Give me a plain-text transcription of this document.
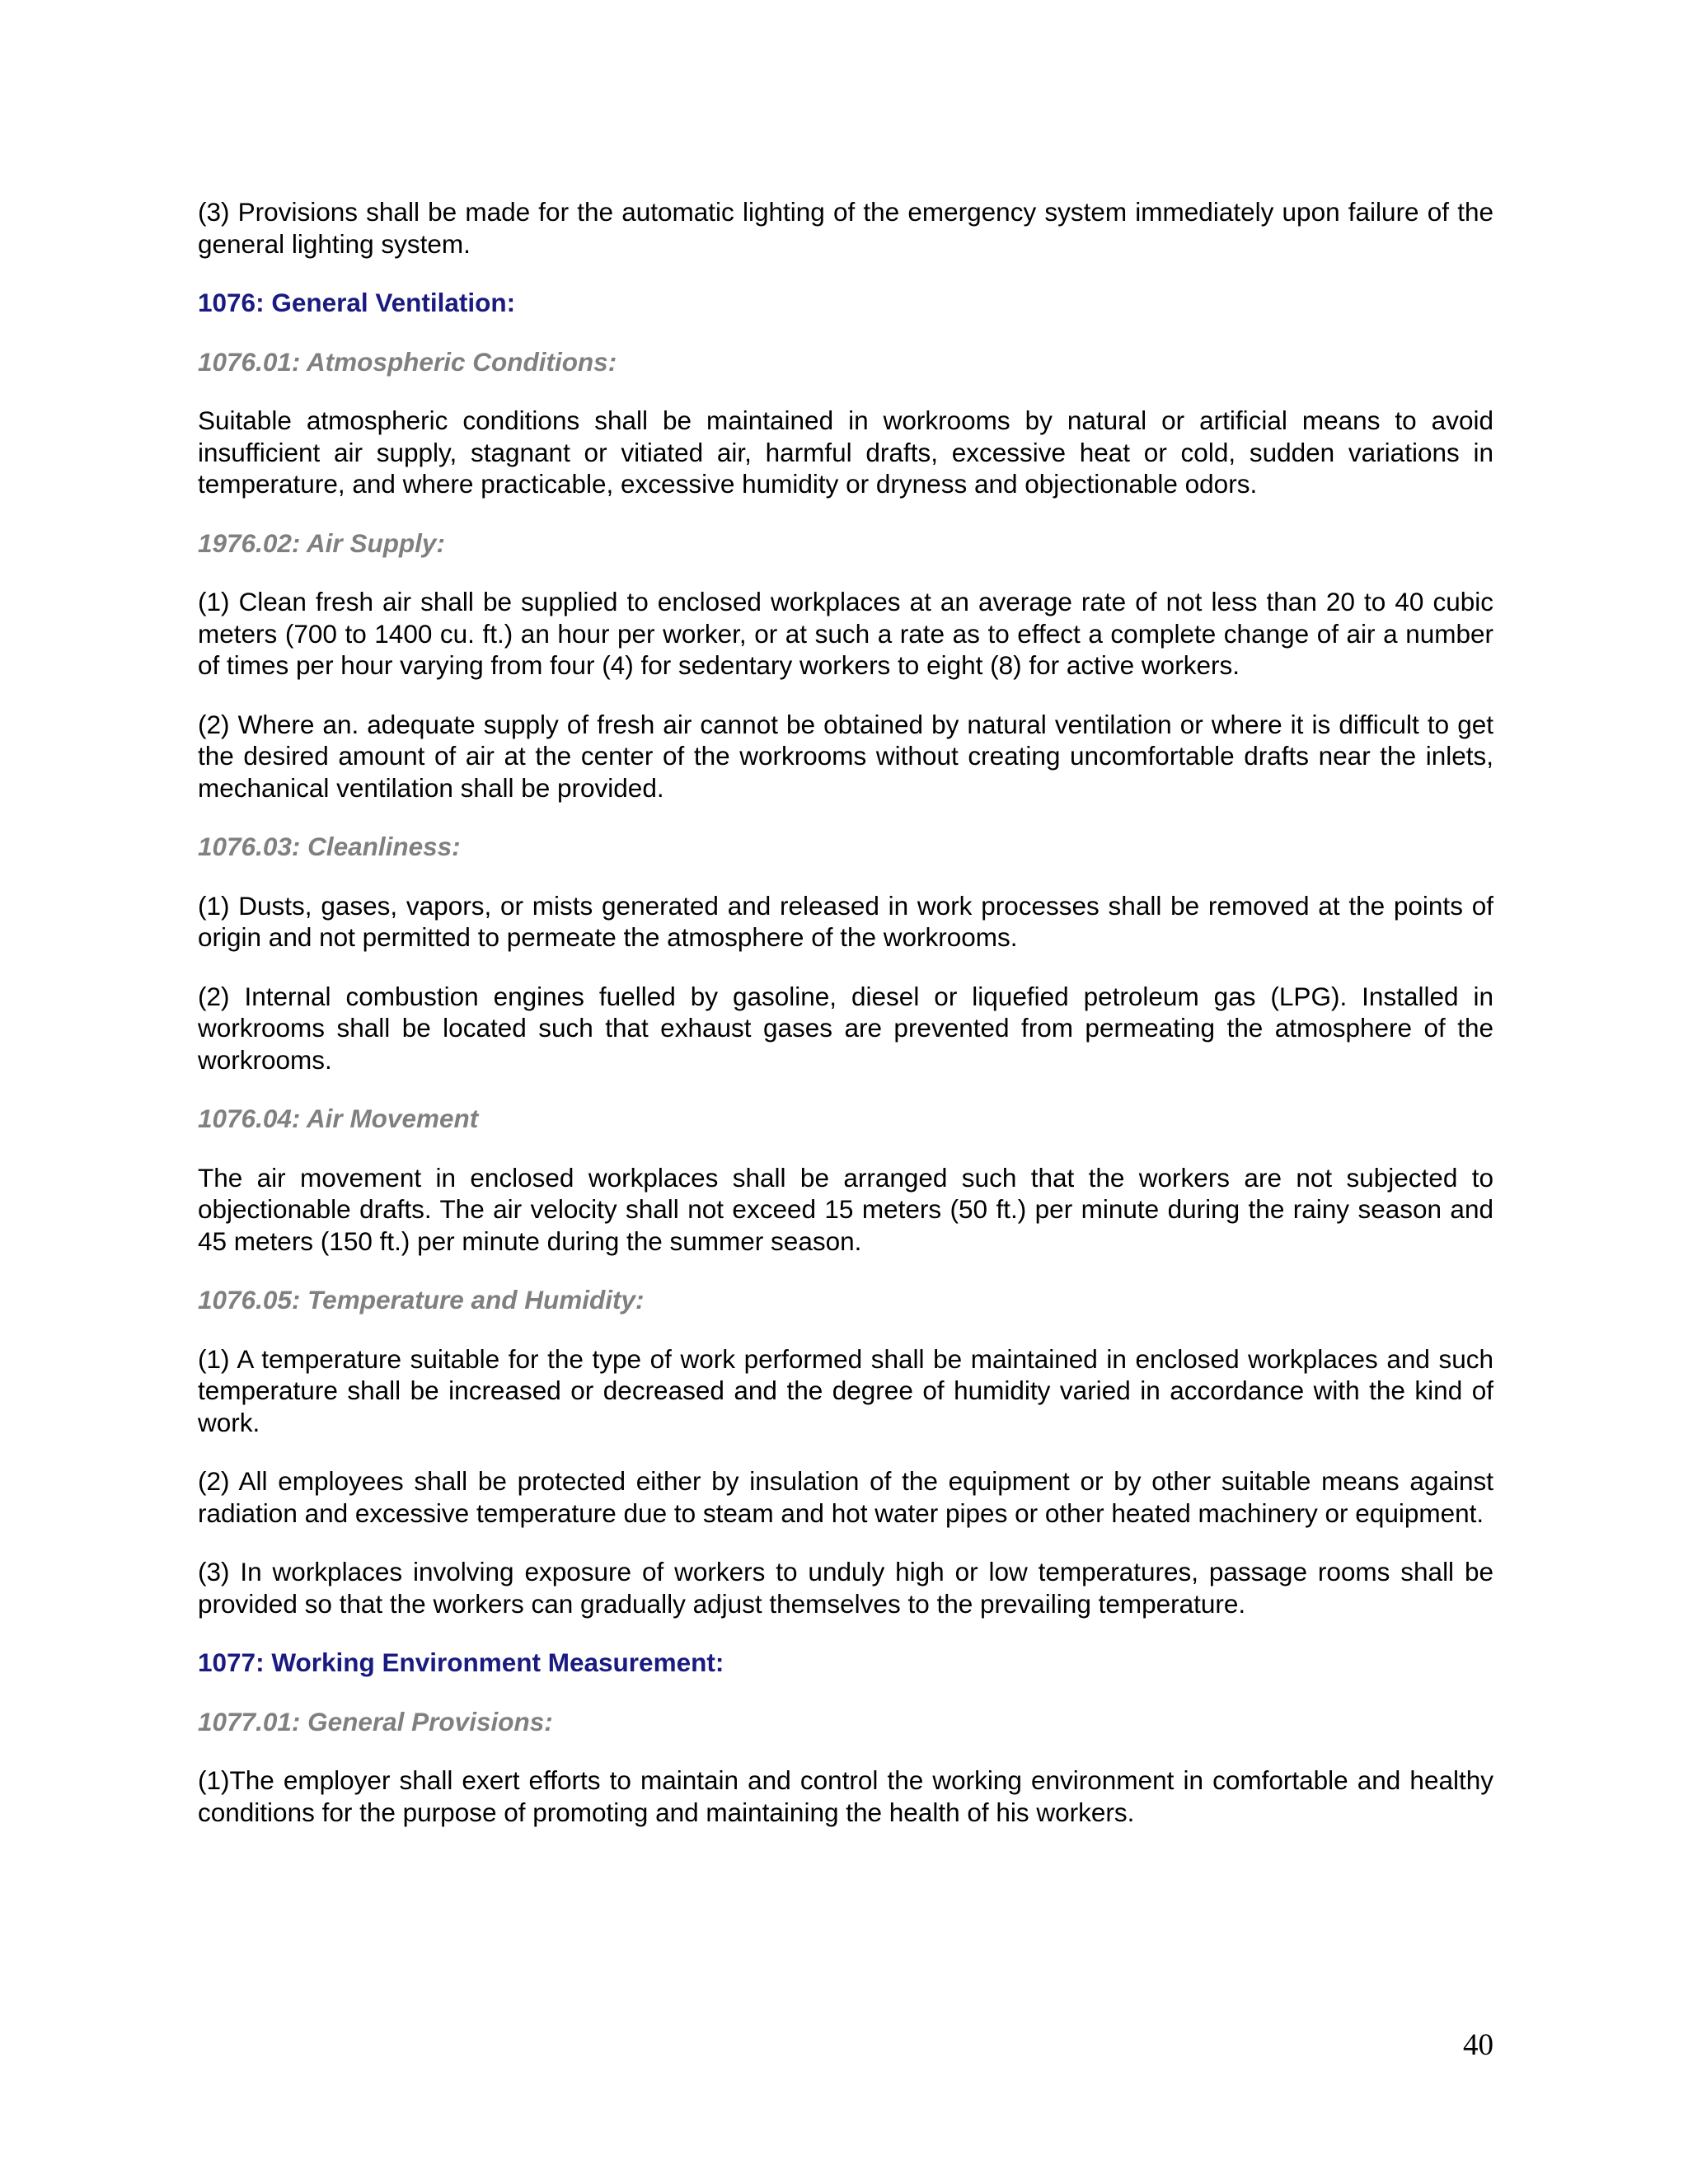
(3) Provisions shall be made for the automatic lighting of the emergency system immediately upon failure of the general lighting system.

1076: General Ventilation:

1076.01: Atmospheric Conditions:

Suitable atmospheric conditions shall be maintained in workrooms by natural or artificial means to avoid insufficient air supply, stagnant or vitiated air, harmful drafts, excessive heat or cold, sudden variations in temperature, and where practicable, excessive humidity or dryness and objectionable odors.

1976.02: Air Supply:

(1) Clean fresh air shall be supplied to enclosed workplaces at an average rate of not less than 20 to 40 cubic meters (700 to 1400 cu. ft.) an hour per worker, or at such a rate as to effect a complete change of air a number of times per hour varying from four (4) for sedentary workers to eight (8) for active workers.

(2) Where an. adequate supply of fresh air cannot be obtained by natural ventilation or where it is difficult to get the desired amount of air at the center of the workrooms without creating uncomfortable drafts near the inlets, mechanical ventilation shall be provided.

1076.03: Cleanliness:

(1) Dusts, gases, vapors, or mists generated and released in work processes shall be removed at the points of origin and not permitted to permeate the atmosphere of the workrooms.

(2) Internal combustion engines fuelled by gasoline, diesel or liquefied petroleum gas (LPG). Installed in workrooms shall be located such that exhaust gases are prevented from permeating the atmosphere of the workrooms.

1076.04: Air Movement

The air movement in enclosed workplaces shall be arranged such that the workers are not subjected to objectionable drafts. The air velocity shall not exceed 15 meters (50 ft.) per minute during the rainy season and 45 meters (150 ft.) per minute during the summer season.

1076.05: Temperature and Humidity:

(1) A temperature suitable for the type of work performed shall be maintained in enclosed workplaces and such temperature shall be increased or decreased and the degree of humidity varied in accordance with the kind of work.

(2) All employees shall be protected either by insulation of the equipment or by other suitable means against radiation and excessive temperature due to steam and hot water pipes or other heated machinery or equipment.

(3) In workplaces involving exposure of workers to unduly high or low temperatures, passage rooms shall be provided so that the workers can gradually adjust themselves to the prevailing temperature.

1077: Working Environment Measurement:

1077.01: General Provisions:

(1)The employer shall exert efforts to maintain and control the working environment in comfortable and healthy conditions for the purpose of promoting and maintaining the health of his workers.

40
